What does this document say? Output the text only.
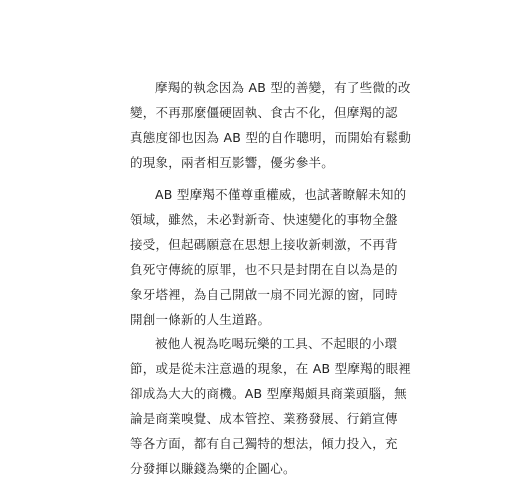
摩羯的執念因為 AB 型的善變，有了些微的改
變，不再那麼僵硬固執、食古不化，但摩羯的認
真態度卻也因為 AB 型的自作聰明，而開始有鬆動
的現象，兩者相互影響，優劣參半。
AB 型摩羯不僅尊重權威，也試著瞭解未知的
領域，雖然，未必對新奇、快速變化的事物全盤
接受，但起碼願意在思想上接收新刺激，不再背
負死守傳統的原罪，也不只是封閉在自以為是的
象牙塔裡，為自己開啟一扇不同光源的窗，同時
開創一條新的人生道路。
被他人視為吃喝玩樂的工具、不起眼的小環
節，或是從未注意過的現象，在 AB 型摩羯的眼裡
卻成為大大的商機。AB 型摩羯頗具商業頭腦，無
論是商業嗅覺、成本管控、業務發展、行銷宣傳
等各方面，都有自己獨特的想法，傾力投入，充
分發揮以賺錢為樂的企圖心。
